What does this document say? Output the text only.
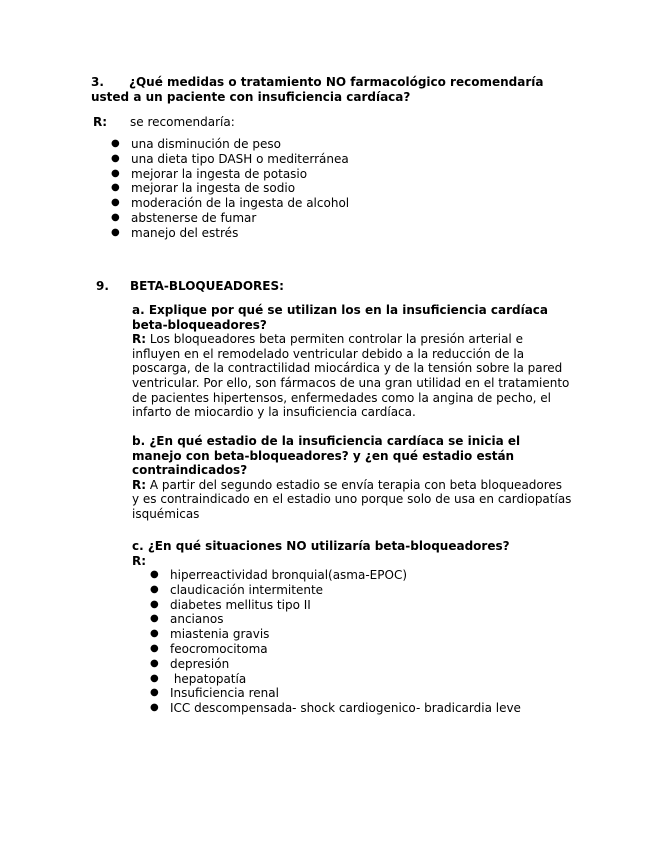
3.	¿Qué medidas o tratamiento NO farmacológico recomendaría usted a un paciente con insuficiencia cardíaca?
R: se recomendaría:
● una disminución de peso
● una dieta tipo DASH o mediterránea
● mejorar la ingesta de potasio
● mejorar la ingesta de sodio
● moderación de la ingesta de alcohol
● abstenerse de fumar
● manejo del estrés
9. BETA-BLOQUEADORES:
a. Explique por qué se utilizan los en la insuficiencia cardíaca beta-bloqueadores?
R: Los bloqueadores beta permiten controlar la presión arterial e influyen en el remodelado ventricular debido a la reducción de la poscarga, de la contractilidad miocárdica y de la tensión sobre la pared ventricular. Por ello, son fármacos de una gran utilidad en el tratamiento de pacientes hipertensos, enfermedades como la angina de pecho, el infarto de miocardio y la insuficiencia cardíaca.
b. ¿En qué estadio de la insuficiencia cardíaca se inicia el manejo con beta-bloqueadores? y ¿en qué estadio están contraindicados?
R: A partir del segundo estadio se envía terapia con beta bloqueadores y es contraindicado en el estadio uno porque solo de usa en cardiopatías isquémicas
c. ¿En qué situaciones NO utilizaría beta-bloqueadores?
R:
● hiperreactividad bronquial(asma-EPOC)
● claudicación intermitente
● diabetes mellitus tipo II
● ancianos
● miastenia gravis
● feocromocitoma
● depresión
● hepatopatía
● Insuficiencia renal
● ICC descompensada- shock cardiogenico- bradicardia leve
